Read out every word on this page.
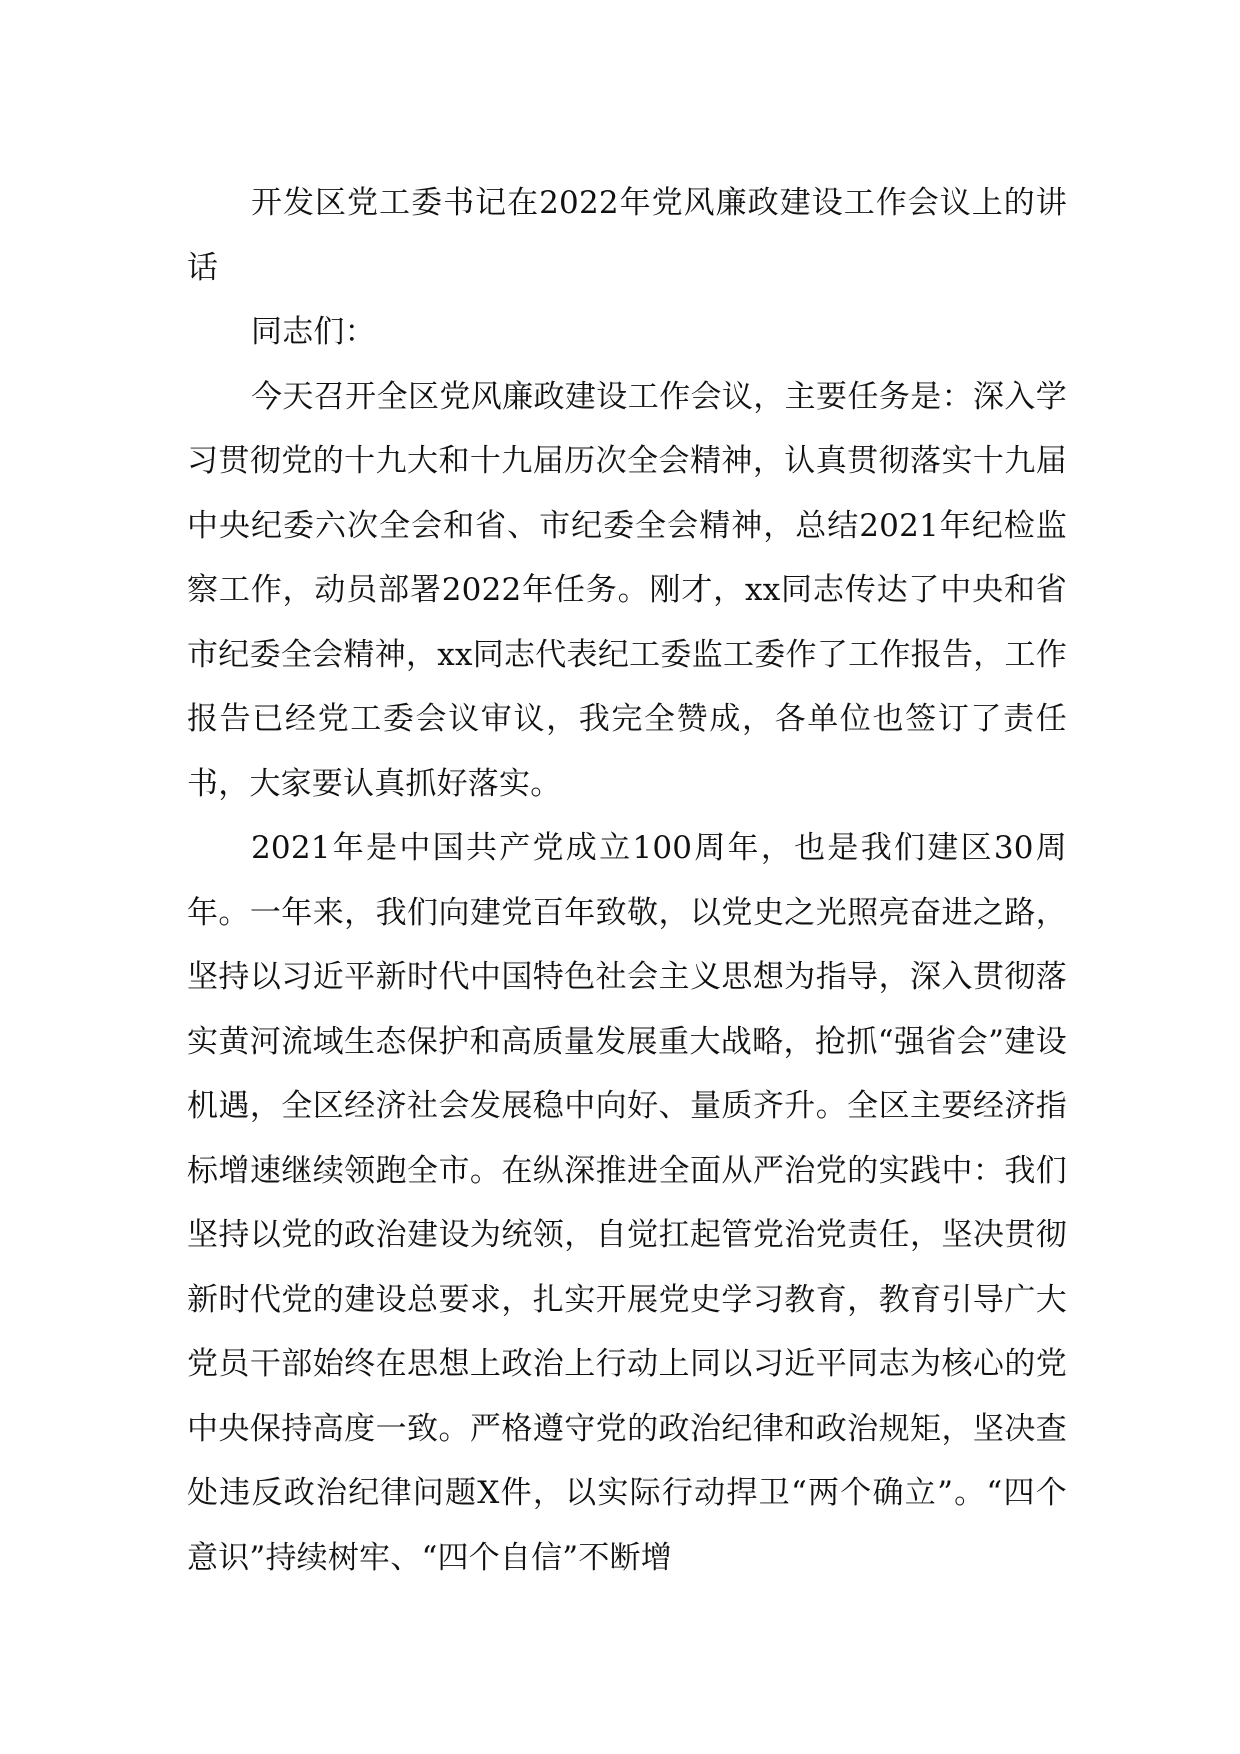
开发区党工委书记在2022年党风廉政建设工作会议上的讲话

同志们：

今天召开全区党风廉政建设工作会议，主要任务是：深入学习贯彻党的十九大和十九届历次全会精神，认真贯彻落实十九届中央纪委六次全会和省、市纪委全会精神，总结2021年纪检监察工作，动员部署2022年任务。刚才，xx同志传达了中央和省市纪委全会精神，xx同志代表纪工委监工委作了工作报告，工作报告已经党工委会议审议，我完全赞成，各单位也签订了责任书，大家要认真抓好落实。

2021年是中国共产党成立100周年，也是我们建区30周年。一年来，我们向建党百年致敬，以党史之光照亮奋进之路，坚持以习近平新时代中国特色社会主义思想为指导，深入贯彻落实黄河流域生态保护和高质量发展重大战略，抢抓“强省会”建设机遇，全区经济社会发展稳中向好、量质齐升。全区主要经济指标增速继续领跑全市。在纵深推进全面从严治党的实践中：我们坚持以党的政治建设为统领，自觉扛起管党治党责任，坚决贯彻新时代党的建设总要求，扎实开展党史学习教育，教育引导广大党员干部始终在思想上政治上行动上同以习近平同志为核心的党中央保持高度一致。严格遵守党的政治纪律和政治规矩，坚决查处违反政治纪律问题X件，以实际行动捍卫“两个确立”。“四个意识”持续树牢、“四个自信”不断增
